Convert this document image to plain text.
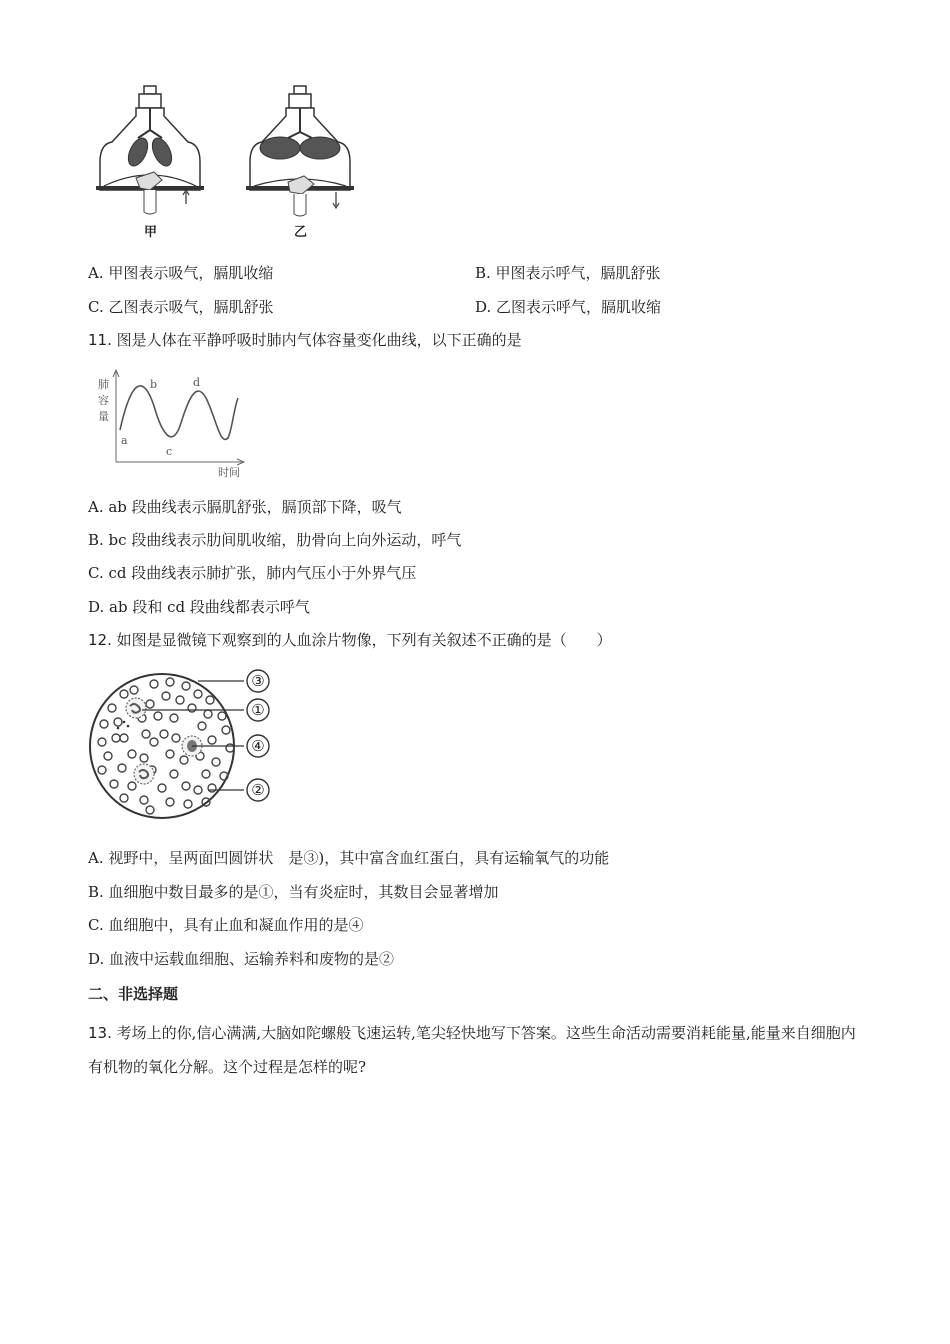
甲	乙
A. 甲图表示吸气，膈肌收缩	B. 甲图表示呼气，膈肌舒张
C. 乙图表示吸气，膈肌舒张	D. 乙图表示呼气，膈肌收缩
11. 图是人体在平静呼吸时肺内气体容量变化曲线，以下正确的是
肺
容
量
a
b
c
d
时间
A. ab 段曲线表示膈肌舒张，膈顶部下降，吸气
B. bc 段曲线表示肋间肌收缩，肋骨向上向外运动，呼气
C. cd 段曲线表示肺扩张，肺内气压小于外界气压
D. ab 段和 cd 段曲线都表示呼气
12. 如图是显微镜下观察到的人血涂片物像，下列有关叙述不正确的是（　　）
③
①
④
②
A. 视野中，呈两面凹圆饼状　是③)，其中富含血红蛋白，具有运输氧气的功能
B. 血细胞中数目最多的是①，当有炎症时，其数目会显著增加
C. 血细胞中，具有止血和凝血作用的是④
D. 血液中运载血细胞、运输养料和废物的是②
二、非选择题
13. 考场上的你,信心满满,大脑如陀螺般飞速运转,笔尖轻快地写下答案。这些生命活动需要消耗能量,能量来自细胞内有机物的氧化分解。这个过程是怎样的呢?
